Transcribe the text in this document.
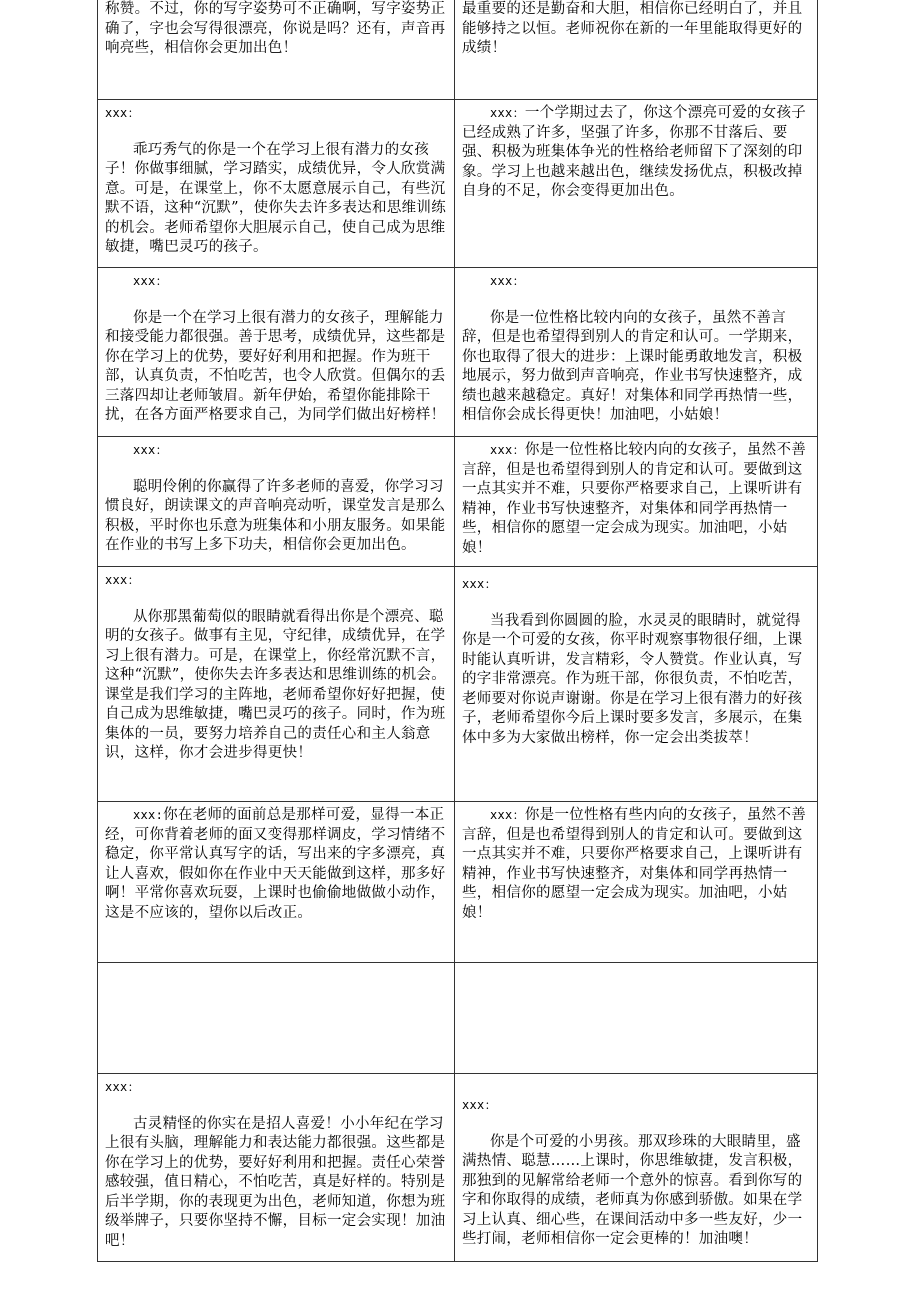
称赞。不过，你的写字姿势可不正确啊，写字姿势正确了，字也会写得很漂亮，你说是吗？还有，声音再响亮些，相信你会更加出色！

最重要的还是勤奋和大胆，相信你已经明白了，并且能够持之以恒。老师祝你在新的一年里能取得更好的成绩！

xxx：

乖巧秀气的你是一个在学习上很有潜力的女孩子！你做事细腻，学习踏实，成绩优异，令人欣赏满意。可是，在课堂上，你不太愿意展示自己，有些沉默不语，这种“沉默”，使你失去许多表达和思维训练的机会。老师希望你大胆展示自己，使自己成为思维敏捷，嘴巴灵巧的孩子。

xxx：一个学期过去了，你这个漂亮可爱的女孩子已经成熟了许多，坚强了许多，你那不甘落后、要强、积极为班集体争光的性格给老师留下了深刻的印象。学习上也越来越出色，继续发扬优点，积极改掉自身的不足，你会变得更加出色。

xxx：

你是一个在学习上很有潜力的女孩子，理解能力和接受能力都很强。善于思考，成绩优异，这些都是你在学习上的优势，要好好利用和把握。作为班干部，认真负责，不怕吃苦，也令人欣赏。但偶尔的丢三落四却让老师皱眉。新年伊始，希望你能排除干扰，在各方面严格要求自己，为同学们做出好榜样！

xxx：

你是一位性格比较内向的女孩子，虽然不善言辞，但是也希望得到别人的肯定和认可。一学期来，你也取得了很大的进步：上课时能勇敢地发言，积极地展示，努力做到声音响亮，作业书写快速整齐，成绩也越来越稳定。真好！对集体和同学再热情一些，相信你会成长得更快！加油吧，小姑娘！

xxx：

聪明伶俐的你赢得了许多老师的喜爱，你学习习惯良好，朗读课文的声音响亮动听，课堂发言是那么积极，平时你也乐意为班集体和小朋友服务。如果能在作业的书写上多下功夫，相信你会更加出色。

xxx：你是一位性格比较内向的女孩子，虽然不善言辞，但是也希望得到别人的肯定和认可。要做到这一点其实并不难，只要你严格要求自己，上课听讲有精神，作业书写快速整齐，对集体和同学再热情一些，相信你的愿望一定会成为现实。加油吧，小姑娘！

xxx：

从你那黑葡萄似的眼睛就看得出你是个漂亮、聪明的女孩子。做事有主见，守纪律，成绩优异，在学习上很有潜力。可是，在课堂上，你经常沉默不言，这种“沉默”，使你失去许多表达和思维训练的机会。课堂是我们学习的主阵地，老师希望你好好把握，使自己成为思维敏捷，嘴巴灵巧的孩子。同时，作为班集体的一员，要努力培养自己的责任心和主人翁意识，这样，你才会进步得更快！

xxx：

当我看到你圆圆的脸，水灵灵的眼睛时，就觉得你是一个可爱的女孩，你平时观察事物很仔细，上课时能认真听讲，发言精彩，令人赞赏。作业认真，写的字非常漂亮。作为班干部，你很负责，不怕吃苦，老师要对你说声谢谢。你是在学习上很有潜力的好孩子，老师希望你今后上课时要多发言，多展示，在集体中多为大家做出榜样，你一定会出类拔萃！

xxx:你在老师的面前总是那样可爱，显得一本正经，可你背着老师的面又变得那样调皮，学习情绪不稳定，你平常认真写字的话，写出来的字多漂亮，真让人喜欢，假如你在作业中天天能做到这样，那多好啊！平常你喜欢玩耍，上课时也偷偷地做做小动作，这是不应该的，望你以后改正。

xxx：你是一位性格有些内向的女孩子，虽然不善言辞，但是也希望得到别人的肯定和认可。要做到这一点其实并不难，只要你严格要求自己，上课听讲有精神，作业书写快速整齐，对集体和同学再热情一些，相信你的愿望一定会成为现实。加油吧，小姑娘！

xxx：

古灵精怪的你实在是招人喜爱！小小年纪在学习上很有头脑，理解能力和表达能力都很强。这些都是你在学习上的优势，要好好利用和把握。责任心荣誉感较强，值日精心，不怕吃苦，真是好样的。特别是后半学期，你的表现更为出色，老师知道，你想为班级举牌子，只要你坚持不懈，目标一定会实现！加油吧！

xxx：

你是个可爱的小男孩。那双珍珠的大眼睛里，盛满热情、聪慧……上课时，你思维敏捷，发言积极，那独到的见解常给老师一个意外的惊喜。看到你写的字和你取得的成绩，老师真为你感到骄傲。如果在学习上认真、细心些，在课间活动中多一些友好，少一些打闹，老师相信你一定会更棒的！加油噢！
